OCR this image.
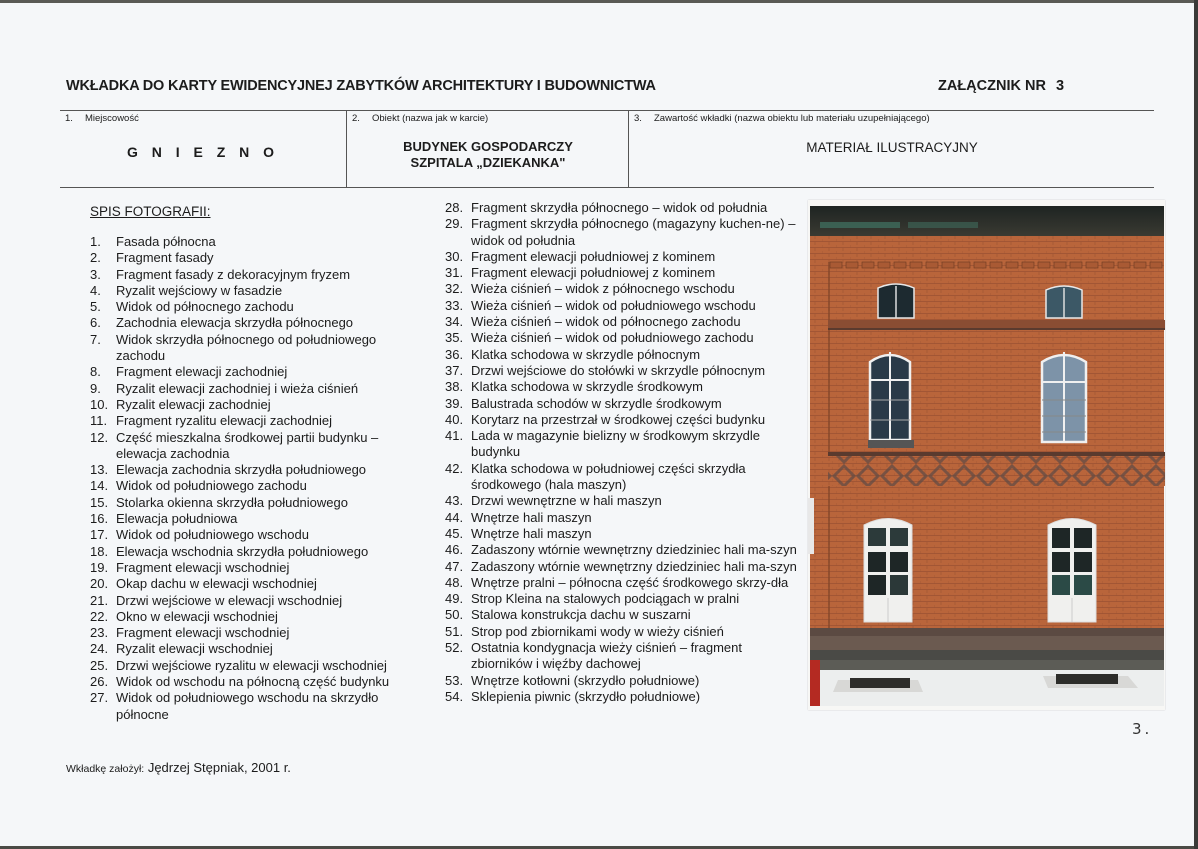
WKŁADKA DO KARTY EWIDENCYJNEJ ZABYTKÓW ARCHITEKTURY I BUDOWNICTWA	ZAŁĄCZNIK NR 3
1. Miejscowość
G N I E Z N O
2. Obiekt (nazwa jak w karcie)
BUDYNEK GOSPODARCZY
SZPITALA „DZIEKANKA"
3. Zawartość wkładki (nazwa obiektu lub materiału uzupełniającego)
MATERIAŁ ILUSTRACYJNY
SPIS FOTOGRAFII:
1. Fasada północna
2. Fragment fasady
3. Fragment fasady z dekoracyjnym fryzem
4. Ryzalit wejściowy w fasadzie
5. Widok od północnego zachodu
6. Zachodnia elewacja skrzydła północnego
7. Widok skrzydła północnego od południowego zachodu
8. Fragment elewacji zachodniej
9. Ryzalit elewacji zachodniej i wieża ciśnień
10. Ryzalit elewacji zachodniej
11. Fragment ryzalitu elewacji zachodniej
12. Część mieszkalna środkowej partii budynku – elewacja zachodnia
13. Elewacja zachodnia skrzydła południowego
14. Widok od południowego zachodu
15. Stolarka okienna skrzydła południowego
16. Elewacja południowa
17. Widok od południowego wschodu
18. Elewacja wschodnia skrzydła południowego
19. Fragment elewacji wschodniej
20. Okap dachu w elewacji wschodniej
21. Drzwi wejściowe w elewacji wschodniej
22. Okno w elewacji wschodniej
23. Fragment elewacji wschodniej
24. Ryzalit elewacji wschodniej
25. Drzwi wejściowe ryzalitu w elewacji wschodniej
26. Widok od wschodu na północną część budynku
27. Widok od południowego wschodu na skrzydło północne
28. Fragment skrzydła północnego – widok od południa
29. Fragment skrzydła północnego (magazyny kuchen-ne) – widok od południa
30. Fragment elewacji południowej z kominem
31. Fragment elewacji południowej z kominem
32. Wieża ciśnień – widok z północnego wschodu
33. Wieża ciśnień – widok od południowego wschodu
34. Wieża ciśnień – widok od północnego zachodu
35. Wieża ciśnień – widok od południowego zachodu
36. Klatka schodowa w skrzydle północnym
37. Drzwi wejściowe do stołówki w skrzydle północnym
38. Klatka schodowa w skrzydle środkowym
39. Balustrada schodów w skrzydle środkowym
40. Korytarz na przestrzał w środkowej części budynku
41. Lada w magazynie bielizny w środkowym skrzydle budynku
42. Klatka schodowa w południowej części skrzydła środkowego (hala maszyn)
43. Drzwi wewnętrzne w hali maszyn
44. Wnętrze hali maszyn
45. Wnętrze hali maszyn
46. Zadaszony wtórnie wewnętrzny dziedziniec hali ma-szyn
47. Zadaszony wtórnie wewnętrzny dziedziniec hali ma-szyn
48. Wnętrze pralni – północna część środkowego skrzy-dła
49. Strop Kleina na stalowych podciągach w pralni
50. Stalowa konstrukcja dachu w suszarni
51. Strop pod zbiornikami wody w wieży ciśnień
52. Ostatnia kondygnacja wieży ciśnień – fragment zbiorników i więźby dachowej
53. Wnętrze kotłowni (skrzydło południowe)
54. Sklepienia piwnic (skrzydło południowe)
3.
Wkładkę założył: Jędrzej Stępniak, 2001 r.
